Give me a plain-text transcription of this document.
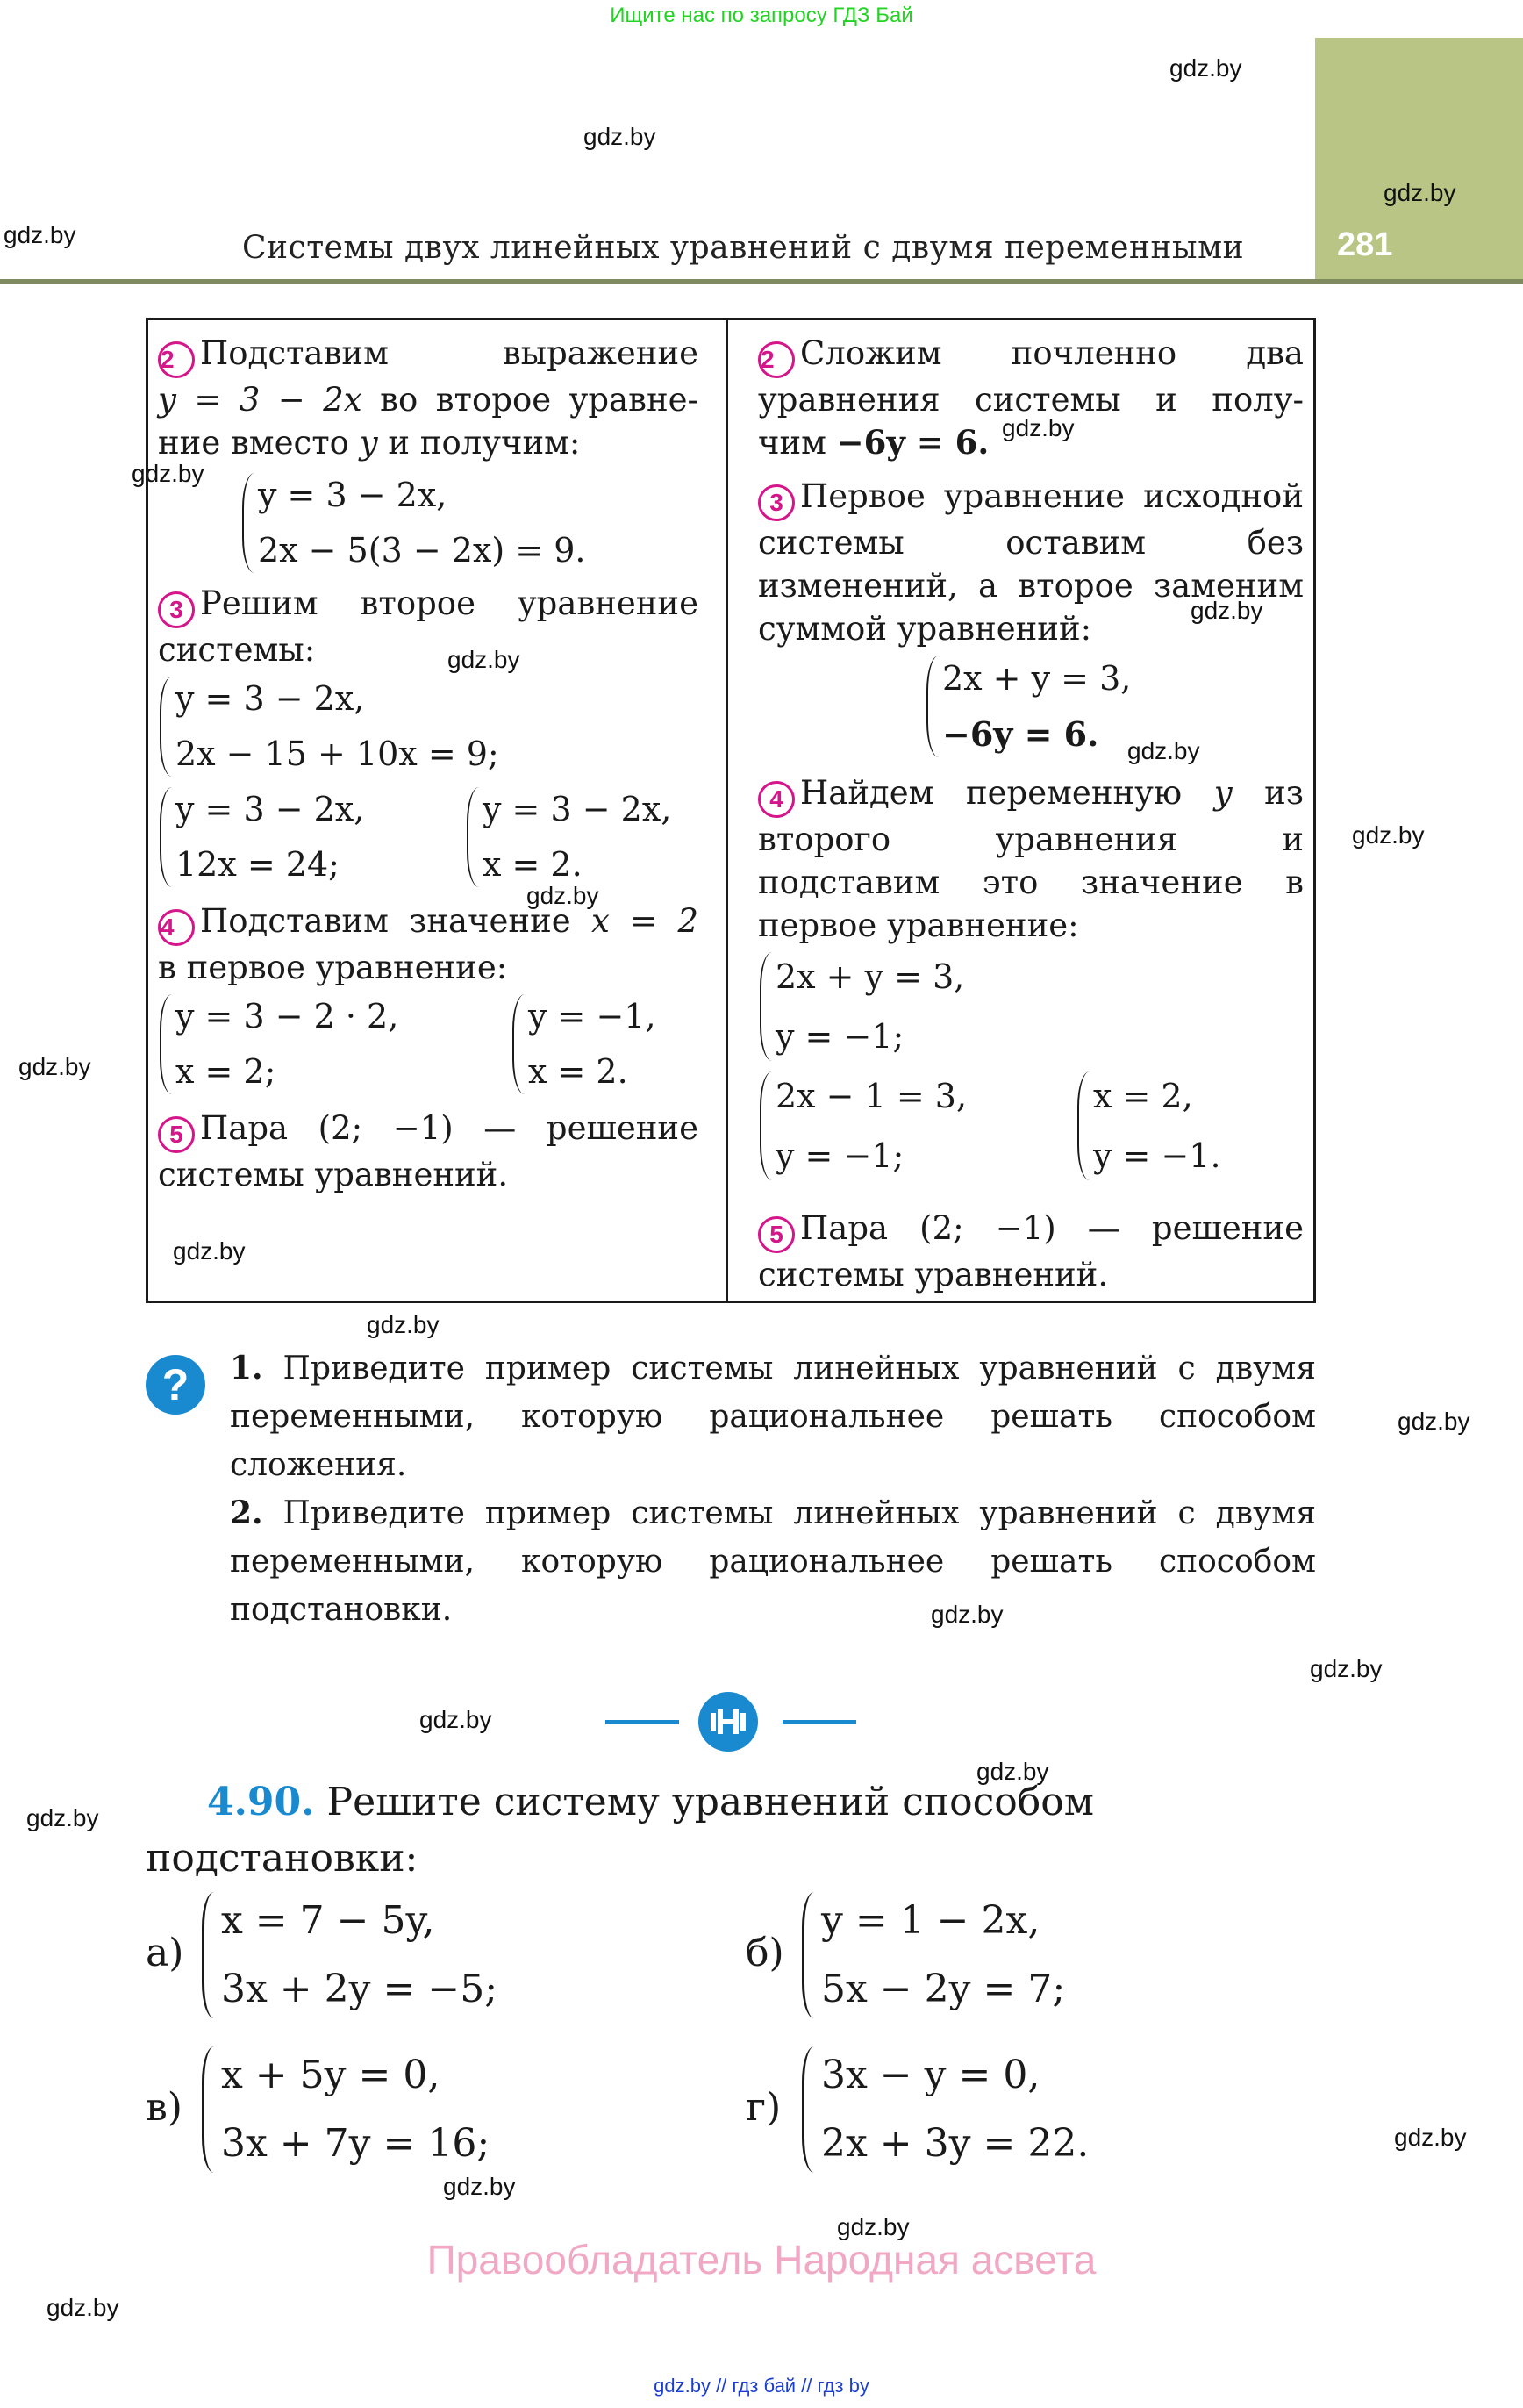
Ищите нас по запросу ГДЗ Бай
281
Системы двух линейных уравнений с двумя переменными
gdz.by
gdz.by
gdz.by
gdz.by
gdz.by
gdz.by
gdz.by
gdz.by
gdz.by
gdz.by
gdz.by
gdz.by
gdz.by
gdz.by
gdz.by
gdz.by
gdz.by
gdz.by
gdz.by
gdz.by
gdz.by
gdz.by
gdz.by
gdz.by

2 Подставим выражение

y = 3 − 2x во второе уравне-

ние вместо y и получим:

y = 3 − 2x,
2x − 5(3 − 2x) = 9.

3 Решим второе уравнение системы:

y = 3 − 2x,
2x − 15 + 10x = 9;
y = 3 − 2x,
12x = 24;
y = 3 − 2x,
x = 2.

4 Подставим значение x = 2

в первое уравнение:

y = 3 − 2 · 2,
x = 2;
y = −1,
x = 2.

5 Пара (2; −1) — решение системы уравнений.

2 Сложим почленно два уравнения системы и полу-

чим −6y = 6.

3 Первое уравнение исходной системы оставим без изменений, а второе заменим суммой уравнений:

2x + y = 3,
−6y = 6.

4 Найдем переменную y из второго уравнения и подставим это значение в первое уравнение:

2x + y = 3,
y = −1;
2x − 1 = 3,
y = −1;
x = 2,
y = −1.

5 Пара (2; −1) — решение системы уравнений.

?	1. Приведите пример системы линейных уравнений с двумя переменными, которую рациональнее решать способом сложения.

2. Приведите пример системы линейных уравнений с двумя переменными, которую рациональнее решать способом подстановки.

4.90. Решите систему уравнений способом подстановки:
а)
x = 7 − 5y,
3x + 2y = −5;
б)
y = 1 − 2x,
5x − 2y = 7;
в)
x + 5y = 0,
3x + 7y = 16;
г)
3x − y = 0,
2x + 3y = 22.
Правообладатель Народная асвета
gdz.by // гдз бай // гдз by
